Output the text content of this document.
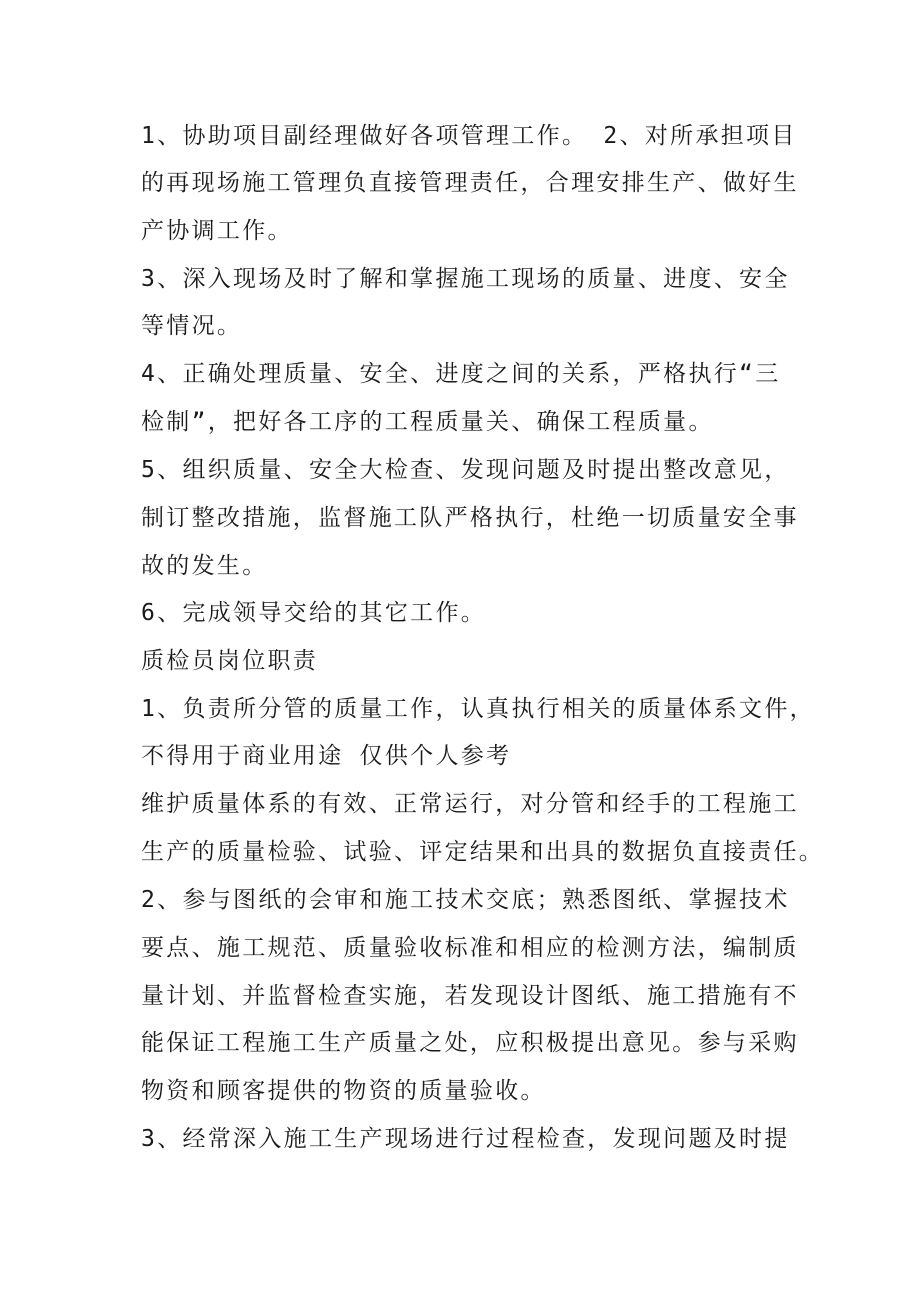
1、协助项目副经理做好各项管理工作。 2、对所承担项目
的再现场施工管理负直接管理责任，合理安排生产、做好生
产协调工作。
3、深入现场及时了解和掌握施工现场的质量、进度、安全
等情况。
4、正确处理质量、安全、进度之间的关系，严格执行“三
检制”，把好各工序的工程质量关、确保工程质量。
5、组织质量、安全大检查、发现问题及时提出整改意见，
制订整改措施，监督施工队严格执行，杜绝一切质量安全事
故的发生。
6、完成领导交给的其它工作。
质检员岗位职责
1、负责所分管的质量工作，认真执行相关的质量体系文件，
不得用于商业用途 仅供个人参考
维护质量体系的有效、正常运行，对分管和经手的工程施工
生产的质量检验、试验、评定结果和出具的数据负直接责任。
2、参与图纸的会审和施工技术交底；熟悉图纸、掌握技术
要点、施工规范、质量验收标准和相应的检测方法，编制质
量计划、并监督检查实施，若发现设计图纸、施工措施有不
能保证工程施工生产质量之处，应积极提出意见。参与采购
物资和顾客提供的物资的质量验收。
3、经常深入施工生产现场进行过程检查，发现问题及时提
